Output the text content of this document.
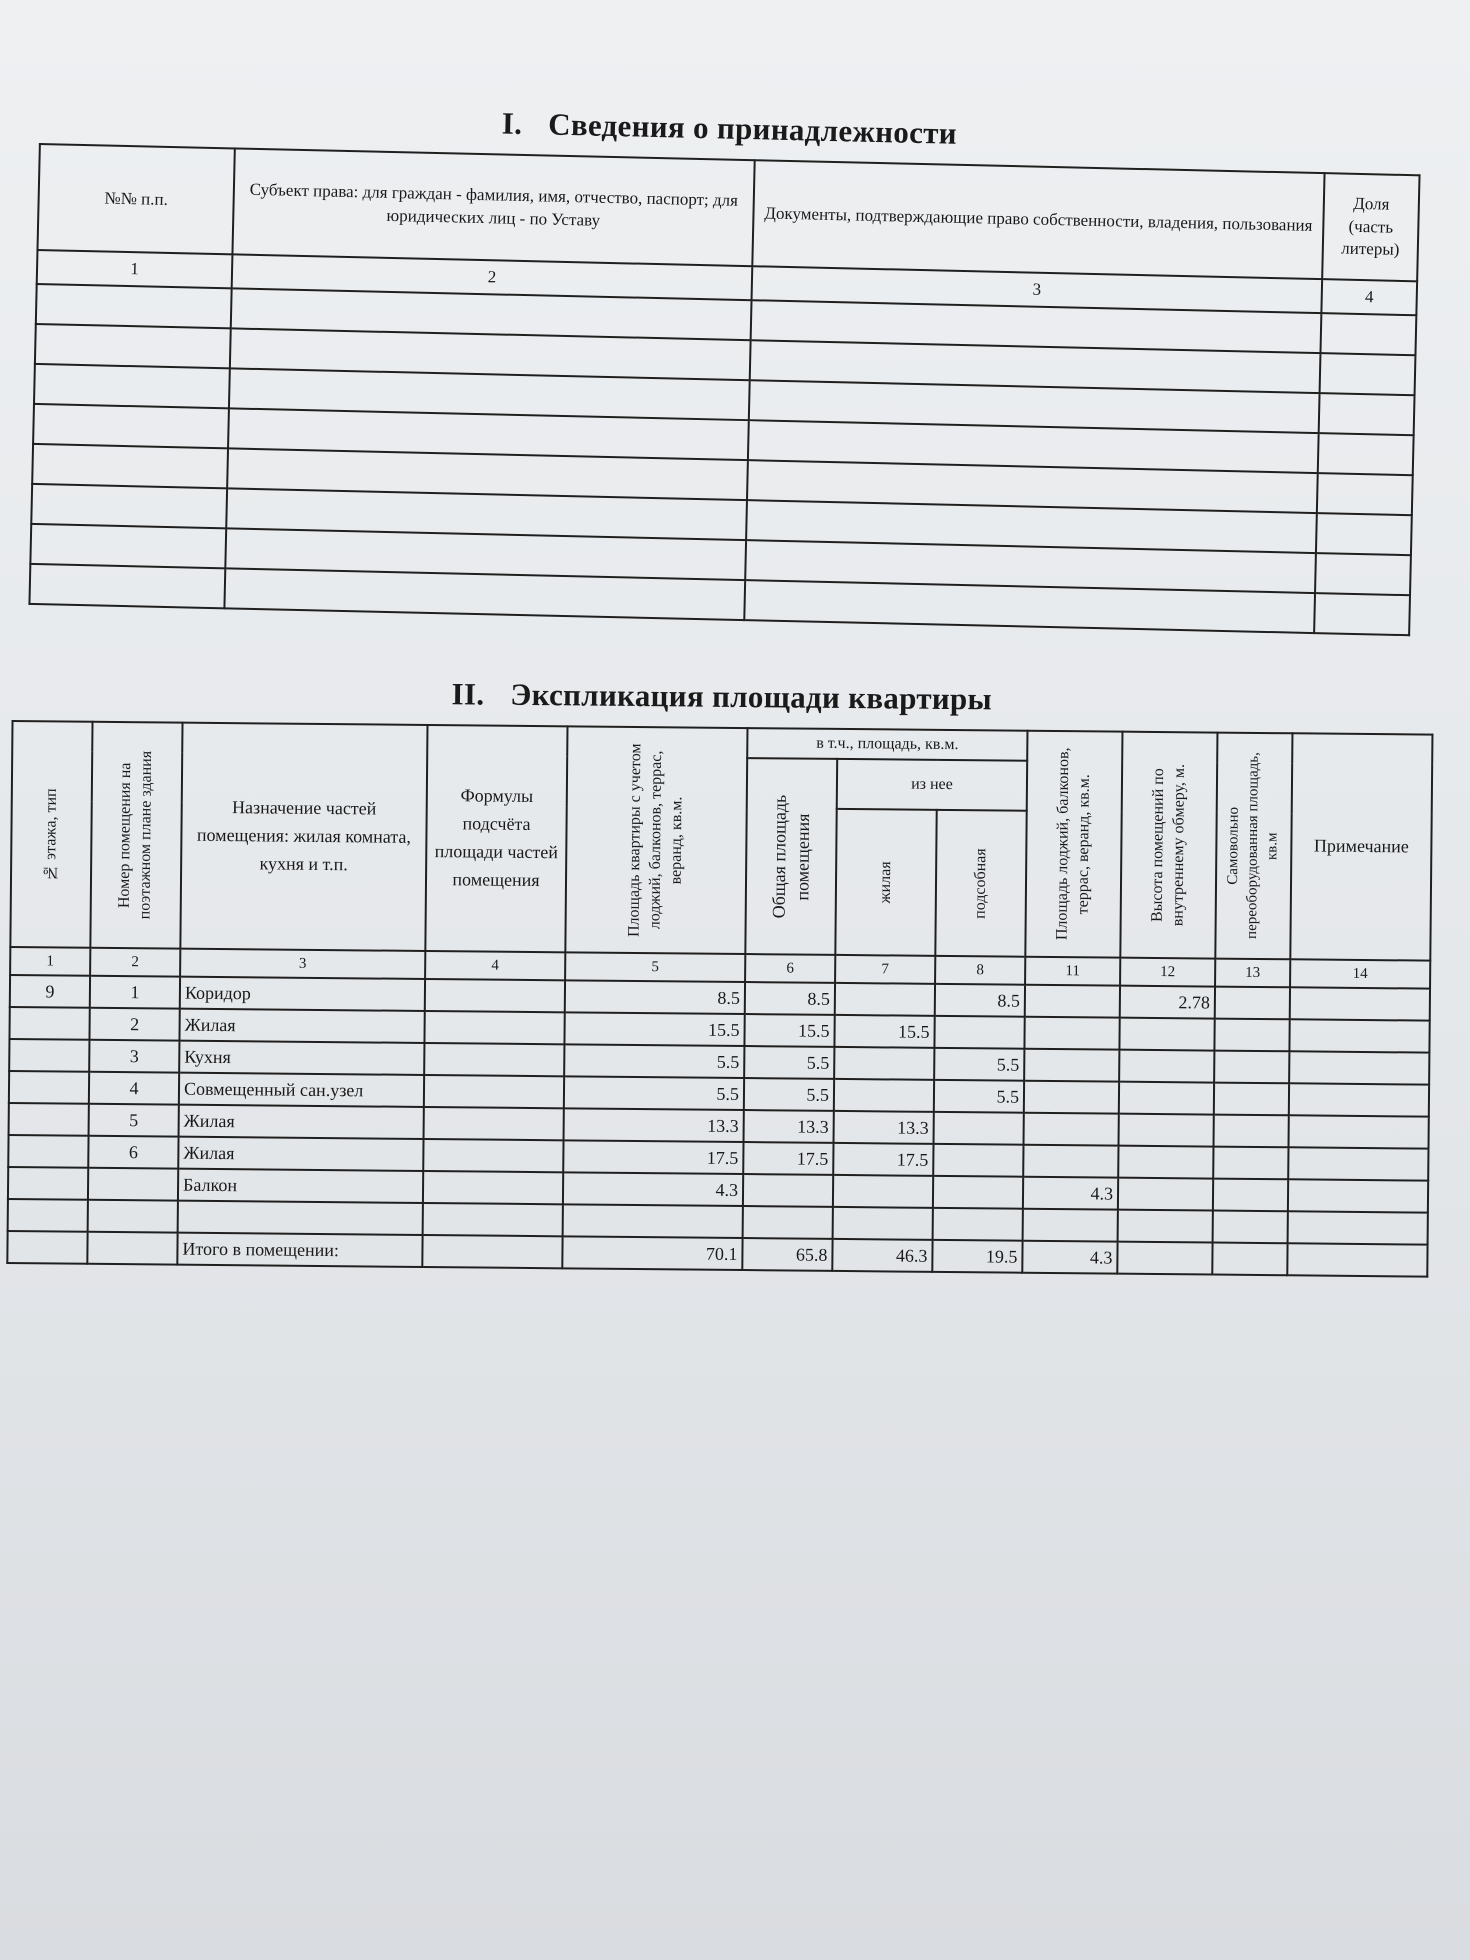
I. Сведения о принадлежности
№№ п.п.	Субъект права: для граждан - фамилия, имя, отчество, паспорт; для юридических лиц - по Уставу	Документы, подтверждающие право собственности, владения, пользования	Доля (часть литеры)
1	2	3	4

II. Экспликация площади квартиры
№ этажа, тип	Номер помещения на поэтажном плане здания	Назначение частей помещения: жилая комната, кухня и т.п.	Формулы подсчёта площади частей помещения	Площадь квартиры с учетом лоджий, балконов, террас, веранд, кв.м.	в т.ч., площадь, кв.м.			Площадь лоджий, балконов, террас, веранд, кв.м.	Высота помещений по внутреннему обмеру, м.	Самовольно переоборудованная площадь, кв.м	Примечание

					Общая площадь помещения	из нее					

						жилая	подсобная				

1	2	3	4	5	6	7	8	11	12	13	14
9	1	Коридор		8.5	8.5		8.5		2.78		
	2	Жилая		15.5	15.5	15.5					
	3	Кухня		5.5	5.5		5.5				
	4	Совмещенный сан.узел		5.5	5.5		5.5				
	5	Жилая		13.3	13.3	13.3					
	6	Жилая		17.5	17.5	17.5					
		Балкон		4.3				4.3			

		Итого в помещении:		70.1	65.8	46.3	19.5	4.3			
